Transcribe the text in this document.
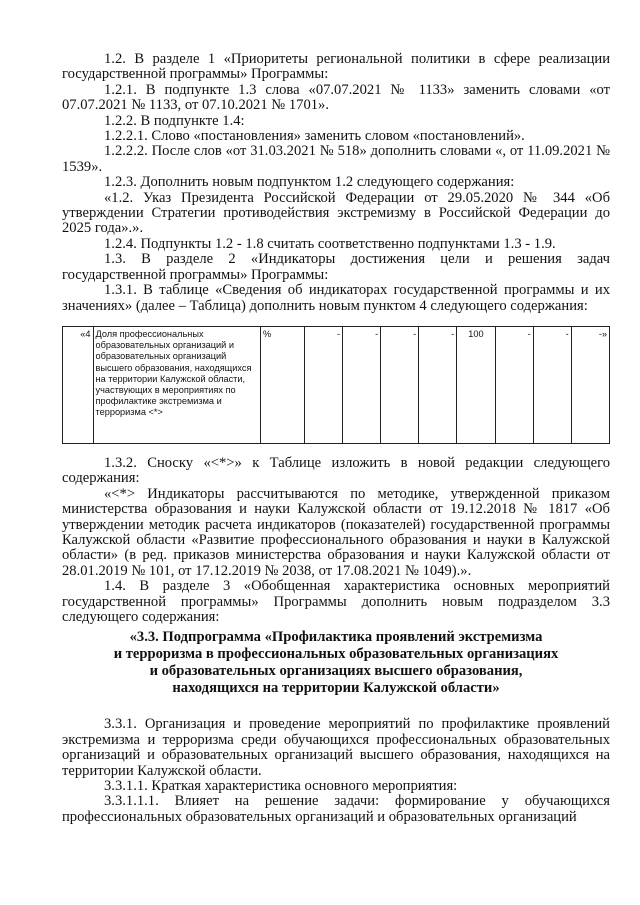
1.2. В разделе 1 «Приоритеты региональной политики в сфере реализации государственной программы» Программы:

1.2.1. В подпункте 1.3 слова «07.07.2021 № 1133» заменить словами «от 07.07.2021 № 1133, от 07.10.2021 № 1701».

1.2.2. В подпункте 1.4:

1.2.2.1. Слово «постановления» заменить словом «постановлений».

1.2.2.2. После слов «от 31.03.2021 № 518» дополнить словами «, от 11.09.2021 № 1539».

1.2.3. Дополнить новым подпунктом 1.2 следующего содержания:

«1.2. Указ Президента Российской Федерации от 29.05.2020 № 344 «Об утверждении Стратегии противодействия экстремизму в Российской Федерации до 2025 года».».

1.2.4. Подпункты 1.2 - 1.8 считать соответственно подпунктами 1.3 - 1.9.

1.3. В разделе 2 «Индикаторы достижения цели и решения задач государственной программы» Программы:

1.3.1. В таблице «Сведения об индикаторах государственной программы и их значениях» (далее – Таблица) дополнить новым пунктом 4 следующего содержания:

«4	Доля профессиональных образовательных организаций и образовательных организаций высшего образования, находящихся на территории Калужской области, участвующих в мероприятиях по профилактике экстремизма и терроризма <*>	%	-	-	-	-	100	-	-	-»

1.3.2. Сноску «<*>» к Таблице изложить в новой редакции следующего содержания:

«<*> Индикаторы рассчитываются по методике, утвержденной приказом министерства образования и науки Калужской области от 19.12.2018 № 1817 «Об утверждении методик расчета индикаторов (показателей) государственной программы Калужской области «Развитие профессионального образования и науки в Калужской области» (в ред. приказов министерства образования и науки Калужской области от 28.01.2019 № 101, от 17.12.2019 № 2038, от 17.08.2021 № 1049).».

1.4. В разделе 3 «Обобщенная характеристика основных мероприятий государственной программы» Программы дополнить новым подразделом 3.3 следующего содержания:

«3.3. Подпрограмма «Профилактика проявлений экстремизма
и терроризма в профессиональных образовательных организациях
и образовательных организациях высшего образования,
находящихся на территории Калужской области»

3.3.1. Организация и проведение мероприятий по профилактике проявлений экстремизма и терроризма среди обучающихся профессиональных образовательных организаций и образовательных организаций высшего образования, находящихся на территории Калужской области.

3.3.1.1. Краткая характеристика основного мероприятия:

3.3.1.1.1. Влияет на решение задачи: формирование у обучающихся профессиональных образовательных организаций и образовательных организаций
